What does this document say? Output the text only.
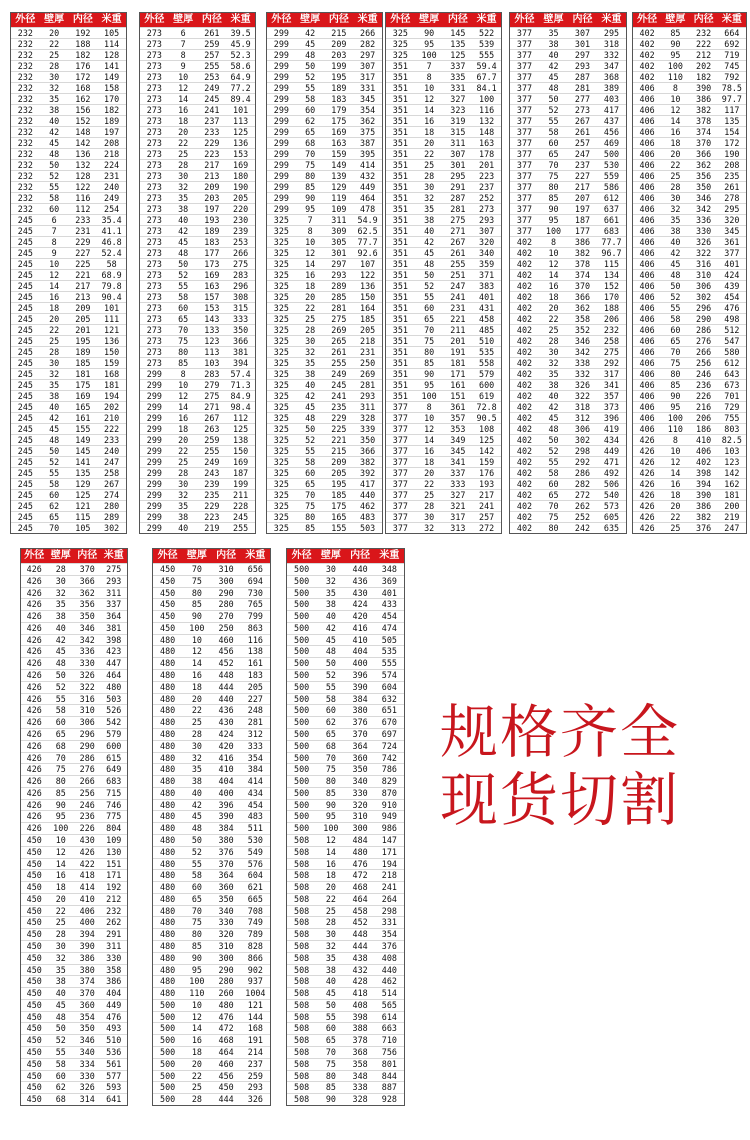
外径 壁厚 内径 米重
232	20	192	105
232	22	188	114
232	25	182	128
232	28	176	141
232	30	172	149
232	32	168	158
232	35	162	170
232	38	156	182
232	40	152	189
232	42	148	197
232	45	142	208
232	48	136	218
232	50	132	224
232	52	128	231
232	55	122	240
232	58	116	249
232	60	112	254
245	6	233	35.4
245	7	231	41.1
245	8	229	46.8
245	9	227	52.4
245	10	225	58
245	12	221	68.9
245	14	217	79.8
245	16	213	90.4
245	18	209	101
245	20	205	111
245	22	201	121
245	25	195	136
245	28	189	150
245	30	185	159
245	32	181	168
245	35	175	181
245	38	169	194
245	40	165	202
245	42	161	210
245	45	155	222
245	48	149	233
245	50	145	240
245	52	141	247
245	55	135	258
245	58	129	267
245	60	125	274
245	62	121	280
245	65	115	289
245	70	105	302
外径 壁厚 内径 米重
273	6	261	39.5
273	7	259	45.9
273	8	257	52.3
273	9	255	58.6
273	10	253	64.9
273	12	249	77.2
273	14	245	89.4
273	16	241	101
273	18	237	113
273	20	233	125
273	22	229	136
273	25	223	153
273	28	217	169
273	30	213	180
273	32	209	190
273	35	203	205
273	38	197	220
273	40	193	230
273	42	189	239
273	45	183	253
273	48	177	266
273	50	173	275
273	52	169	283
273	55	163	296
273	58	157	308
273	60	153	315
273	65	143	333
273	70	133	350
273	75	123	366
273	80	113	381
273	85	103	394
299	8	283	57.4
299	10	279	71.3
299	12	275	84.9
299	14	271	98.4
299	16	267	112
299	18	263	125
299	20	259	138
299	22	255	150
299	25	249	169
299	28	243	187
299	30	239	199
299	32	235	211
299	35	229	228
299	38	223	245
299	40	219	255
外径 壁厚 内径 米重
299	42	215	266
299	45	209	282
299	48	203	297
299	50	199	307
299	52	195	317
299	55	189	331
299	58	183	345
299	60	179	354
299	62	175	362
299	65	169	375
299	68	163	387
299	70	159	395
299	75	149	414
299	80	139	432
299	85	129	449
299	90	119	464
299	95	109	478
325	7	311	54.9
325	8	309	62.5
325	10	305	77.7
325	12	301	92.6
325	14	297	107
325	16	293	122
325	18	289	136
325	20	285	150
325	22	281	164
325	25	275	185
325	28	269	205
325	30	265	218
325	32	261	231
325	35	255	250
325	38	249	269
325	40	245	281
325	42	241	293
325	45	235	311
325	48	229	328
325	50	225	339
325	52	221	350
325	55	215	366
325	58	209	382
325	60	205	392
325	65	195	417
325	70	185	440
325	75	175	462
325	80	165	483
325	85	155	503
外径 壁厚 内径 米重
325	90	145	522
325	95	135	539
325	100	125	555
351	7	337	59.4
351	8	335	67.7
351	10	331	84.1
351	12	327	100
351	14	323	116
351	16	319	132
351	18	315	148
351	20	311	163
351	22	307	178
351	25	301	201
351	28	295	223
351	30	291	237
351	32	287	252
351	35	281	273
351	38	275	293
351	40	271	307
351	42	267	320
351	45	261	340
351	48	255	359
351	50	251	371
351	52	247	383
351	55	241	401
351	60	231	431
351	65	221	458
351	70	211	485
351	75	201	510
351	80	191	535
351	85	181	558
351	90	171	579
351	95	161	600
351	100	151	619
377	8	361	72.8
377	10	357	90.5
377	12	353	108
377	14	349	125
377	16	345	142
377	18	341	159
377	20	337	176
377	22	333	193
377	25	327	217
377	28	321	241
377	30	317	257
377	32	313	272
外径 壁厚 内径 米重
377	35	307	295
377	38	301	318
377	40	297	332
377	42	293	347
377	45	287	368
377	48	281	389
377	50	277	403
377	52	273	417
377	55	267	437
377	58	261	456
377	60	257	469
377	65	247	500
377	70	237	530
377	75	227	559
377	80	217	586
377	85	207	612
377	90	197	637
377	95	187	661
377	100	177	683
402	8	386	77.7
402	10	382	96.7
402	12	378	115
402	14	374	134
402	16	370	152
402	18	366	170
402	20	362	188
402	22	358	206
402	25	352	232
402	28	346	258
402	30	342	275
402	32	338	292
402	35	332	317
402	38	326	341
402	40	322	357
402	42	318	373
402	45	312	396
402	48	306	419
402	50	302	434
402	52	298	449
402	55	292	471
402	58	286	492
402	60	282	506
402	65	272	540
402	70	262	573
402	75	252	605
402	80	242	635
外径 壁厚 内径 米重
402	85	232	664
402	90	222	692
402	95	212	719
402	100	202	745
402	110	182	792
406	8	390	78.5
406	10	386	97.7
406	12	382	117
406	14	378	135
406	16	374	154
406	18	370	172
406	20	366	190
406	22	362	208
406	25	356	235
406	28	350	261
406	30	346	278
406	32	342	295
406	35	336	320
406	38	330	345
406	40	326	361
406	42	322	377
406	45	316	401
406	48	310	424
406	50	306	439
406	52	302	454
406	55	296	476
406	58	290	498
406	60	286	512
406	65	276	547
406	70	266	580
406	75	256	612
406	80	246	643
406	85	236	673
406	90	226	701
406	95	216	729
406	100	206	755
406	110	186	803
426	8	410	82.5
426	10	406	103
426	12	402	123
426	14	398	142
426	16	394	162
426	18	390	181
426	20	386	200
426	22	382	219
426	25	376	247
外径 壁厚 内径 米重
426	28	370	275
426	30	366	293
426	32	362	311
426	35	356	337
426	38	350	364
426	40	346	381
426	42	342	398
426	45	336	423
426	48	330	447
426	50	326	464
426	52	322	480
426	55	316	503
426	58	310	526
426	60	306	542
426	65	296	579
426	68	290	600
426	70	286	615
426	75	276	649
426	80	266	683
426	85	256	715
426	90	246	746
426	95	236	775
426	100	226	804
450	10	430	109
450	12	426	130
450	14	422	151
450	16	418	171
450	18	414	192
450	20	410	212
450	22	406	232
450	25	400	262
450	28	394	291
450	30	390	311
450	32	386	330
450	35	380	358
450	38	374	386
450	40	370	404
450	45	360	449
450	48	354	476
450	50	350	493
450	52	346	510
450	55	340	536
450	58	334	561
450	60	330	577
450	62	326	593
450	68	314	641
外径 壁厚 内径 米重
450	70	310	656
450	75	300	694
450	80	290	730
450	85	280	765
450	90	270	799
450	100	250	863
480	10	460	116
480	12	456	138
480	14	452	161
480	16	448	183
480	18	444	205
480	20	440	227
480	22	436	248
480	25	430	281
480	28	424	312
480	30	420	333
480	32	416	354
480	35	410	384
480	38	404	414
480	40	400	434
480	42	396	454
480	45	390	483
480	48	384	511
480	50	380	530
480	52	376	549
480	55	370	576
480	58	364	604
480	60	360	621
480	65	350	665
480	70	340	708
480	75	330	749
480	80	320	789
480	85	310	828
480	90	300	866
480	95	290	902
480	100	280	937
480	110	260	1004
500	10	480	121
500	12	476	144
500	14	472	168
500	16	468	191
500	18	464	214
500	20	460	237
500	22	456	259
500	25	450	293
500	28	444	326
外径 壁厚 内径 米重
500	30	440	348
500	32	436	369
500	35	430	401
500	38	424	433
500	40	420	454
500	42	416	474
500	45	410	505
500	48	404	535
500	50	400	555
500	52	396	574
500	55	390	604
500	58	384	632
500	60	380	651
500	62	376	670
500	65	370	697
500	68	364	724
500	70	360	742
500	75	350	786
500	80	340	829
500	85	330	870
500	90	320	910
500	95	310	949
500	100	300	986
508	12	484	147
508	14	480	171
508	16	476	194
508	18	472	218
508	20	468	241
508	22	464	264
508	25	458	298
508	28	452	331
508	30	448	354
508	32	444	376
508	35	438	408
508	38	432	440
508	40	428	462
508	45	418	514
508	50	408	565
508	55	398	614
508	60	388	663
508	65	378	710
508	70	368	756
508	75	358	801
508	80	348	844
508	85	338	887
508	90	328	928
规格齐全
现货切割
